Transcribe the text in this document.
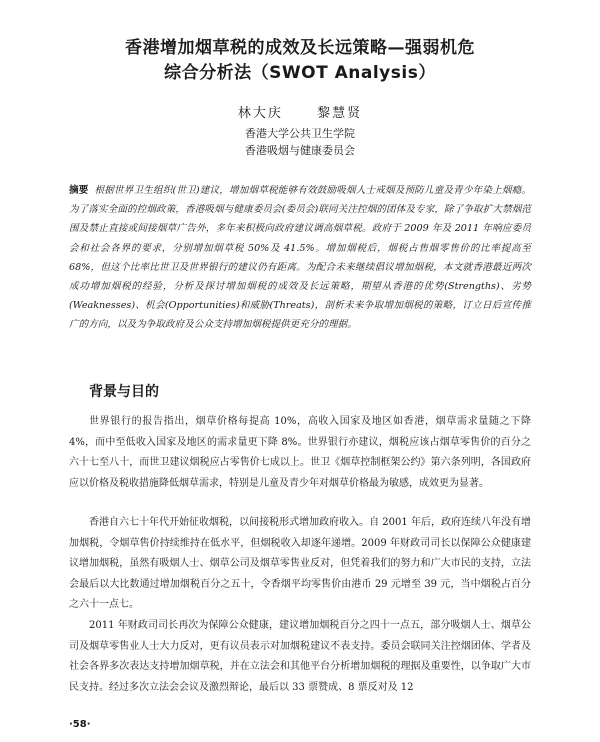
香港增加烟草税的成效及长远策略—强弱机危
综合分析法（SWOT Analysis）
林大庆	黎慧贤
香港大学公共卫生学院
香港吸烟与健康委员会

摘要 根据世界卫生组织(世卫)建议，增加烟草税能够有效鼓励吸烟人士戒烟及预防儿童及青少年染上烟瘾。为了落实全面的控烟政策，香港吸烟与健康委员会(委员会)联同关注控烟的团体及专家，除了争取扩大禁烟范围及禁止直接或间接烟草广告外，多年来积极向政府建议调高烟草税。政府于 2009 年及 2011 年响应委员会和社会各界的要求，分别增加烟草税 50%及 41.5%。增加烟税后，烟税占售烟零售价的比率提高至 68%，但这个比率比世卫及世界银行的建议仍有距离。为配合未来继续倡议增加烟税，本文就香港最近两次成功增加烟税的经验，分析及探讨增加烟税的成效及长远策略，期望从香港的优势(Strengths)、劣势(Weaknesses)、机会(Opportunities)和威胁(Threats)，剖析未来争取增加烟税的策略，订立日后宣传推广的方向，以及为争取政府及公众支持增加烟税提供更充分的理据。

背景与目的

世界银行的报告指出，烟草价格每提高 10%，高收入国家及地区如香港，烟草需求量随之下降 4%，而中至低收入国家及地区的需求量更下降 8%。世界银行亦建议，烟税应该占烟草零售价的百分之六十七至八十，而世卫建议烟税应占零售价七成以上。世卫《烟草控制框架公约》第六条列明，各国政府应以价格及税收措施降低烟草需求，特别是儿童及青少年对烟草价格最为敏感，成效更为显著。

香港自六七十年代开始征收烟税，以间接税形式增加政府收入。自 2001 年后，政府连续八年没有增加烟税，令烟草售价持续维持在低水平，但烟税收入却逐年递增。2009 年财政司司长以保障公众健康建议增加烟税，虽然有吸烟人士、烟草公司及烟草零售业反对，但凭着我们的努力和广大市民的支持，立法会最后以大比数通过增加烟税百分之五十，令香烟平均零售价由港币 29 元增至 39 元，当中烟税占百分之六十一点七。

2011 年财政司司长再次为保障公众健康，建议增加烟税百分之四十一点五，部分吸烟人士、烟草公司及烟草零售业人士大力反对，更有议员表示对加烟税建议不表支持。委员会联同关注控烟团体、学者及社会各界多次表达支持增加烟草税，并在立法会和其他平台分析增加烟税的理据及重要性，以争取广大市民支持。经过多次立法会会议及激烈辩论，最后以 33 票赞成、8 票反对及 12

·58·
